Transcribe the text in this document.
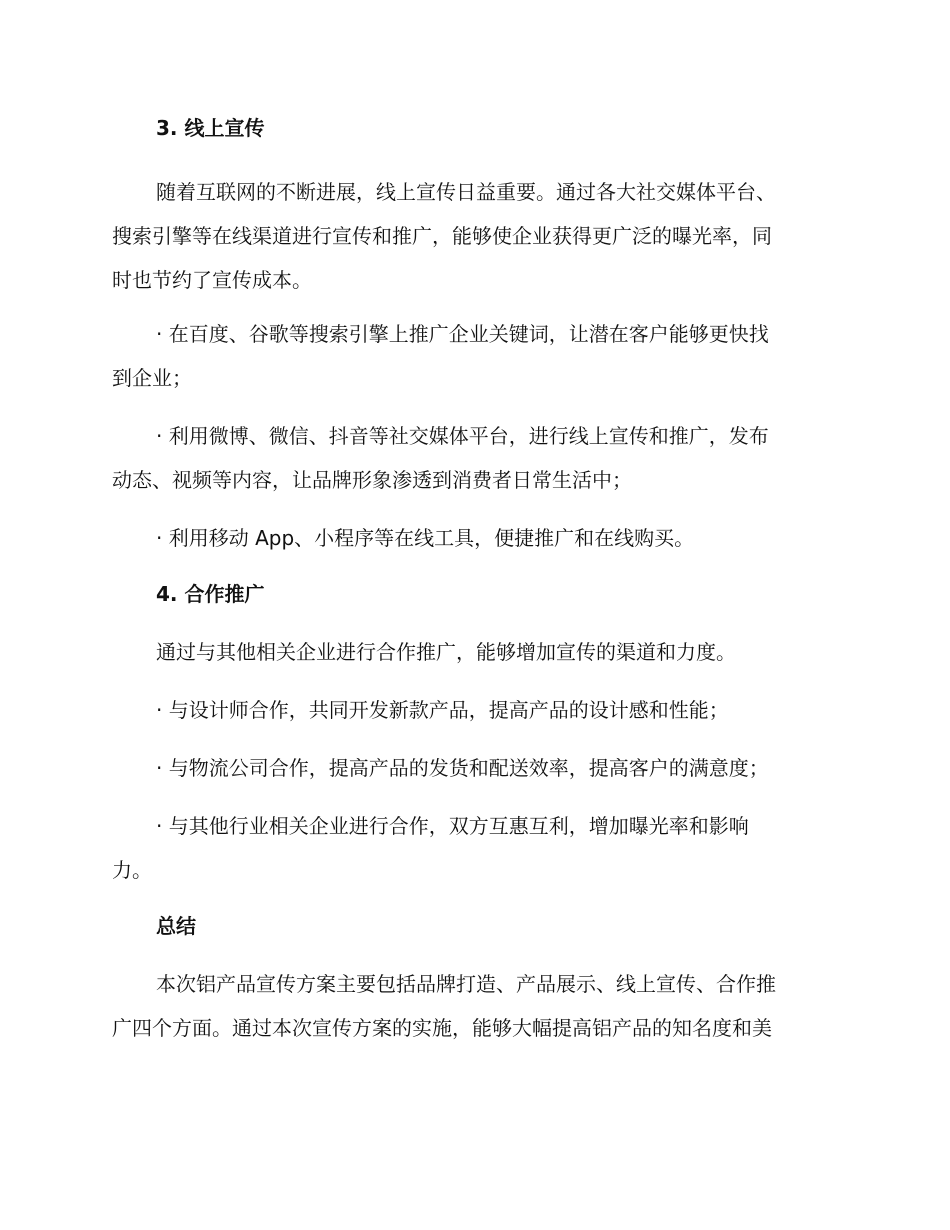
3. 线上宣传
随着互联网的不断进展，线上宣传日益重要。通过各大社交媒体平台、
搜索引擎等在线渠道进行宣传和推广，能够使企业获得更广泛的曝光率，同
时也节约了宣传成本。
· 在百度、谷歌等搜索引擎上推广企业关键词，让潜在客户能够更快找
到企业；
· 利用微博、微信、抖音等社交媒体平台，进行线上宣传和推广，发布
动态、视频等内容，让品牌形象渗透到消费者日常生活中；
· 利用移动 App、小程序等在线工具，便捷推广和在线购买。
4. 合作推广
通过与其他相关企业进行合作推广，能够增加宣传的渠道和力度。
· 与设计师合作，共同开发新款产品，提高产品的设计感和性能；
· 与物流公司合作，提高产品的发货和配送效率，提高客户的满意度；
· 与其他行业相关企业进行合作，双方互惠互利，增加曝光率和影响
力。
总结
本次铝产品宣传方案主要包括品牌打造、产品展示、线上宣传、合作推
广四个方面。通过本次宣传方案的实施，能够大幅提高铝产品的知名度和美
